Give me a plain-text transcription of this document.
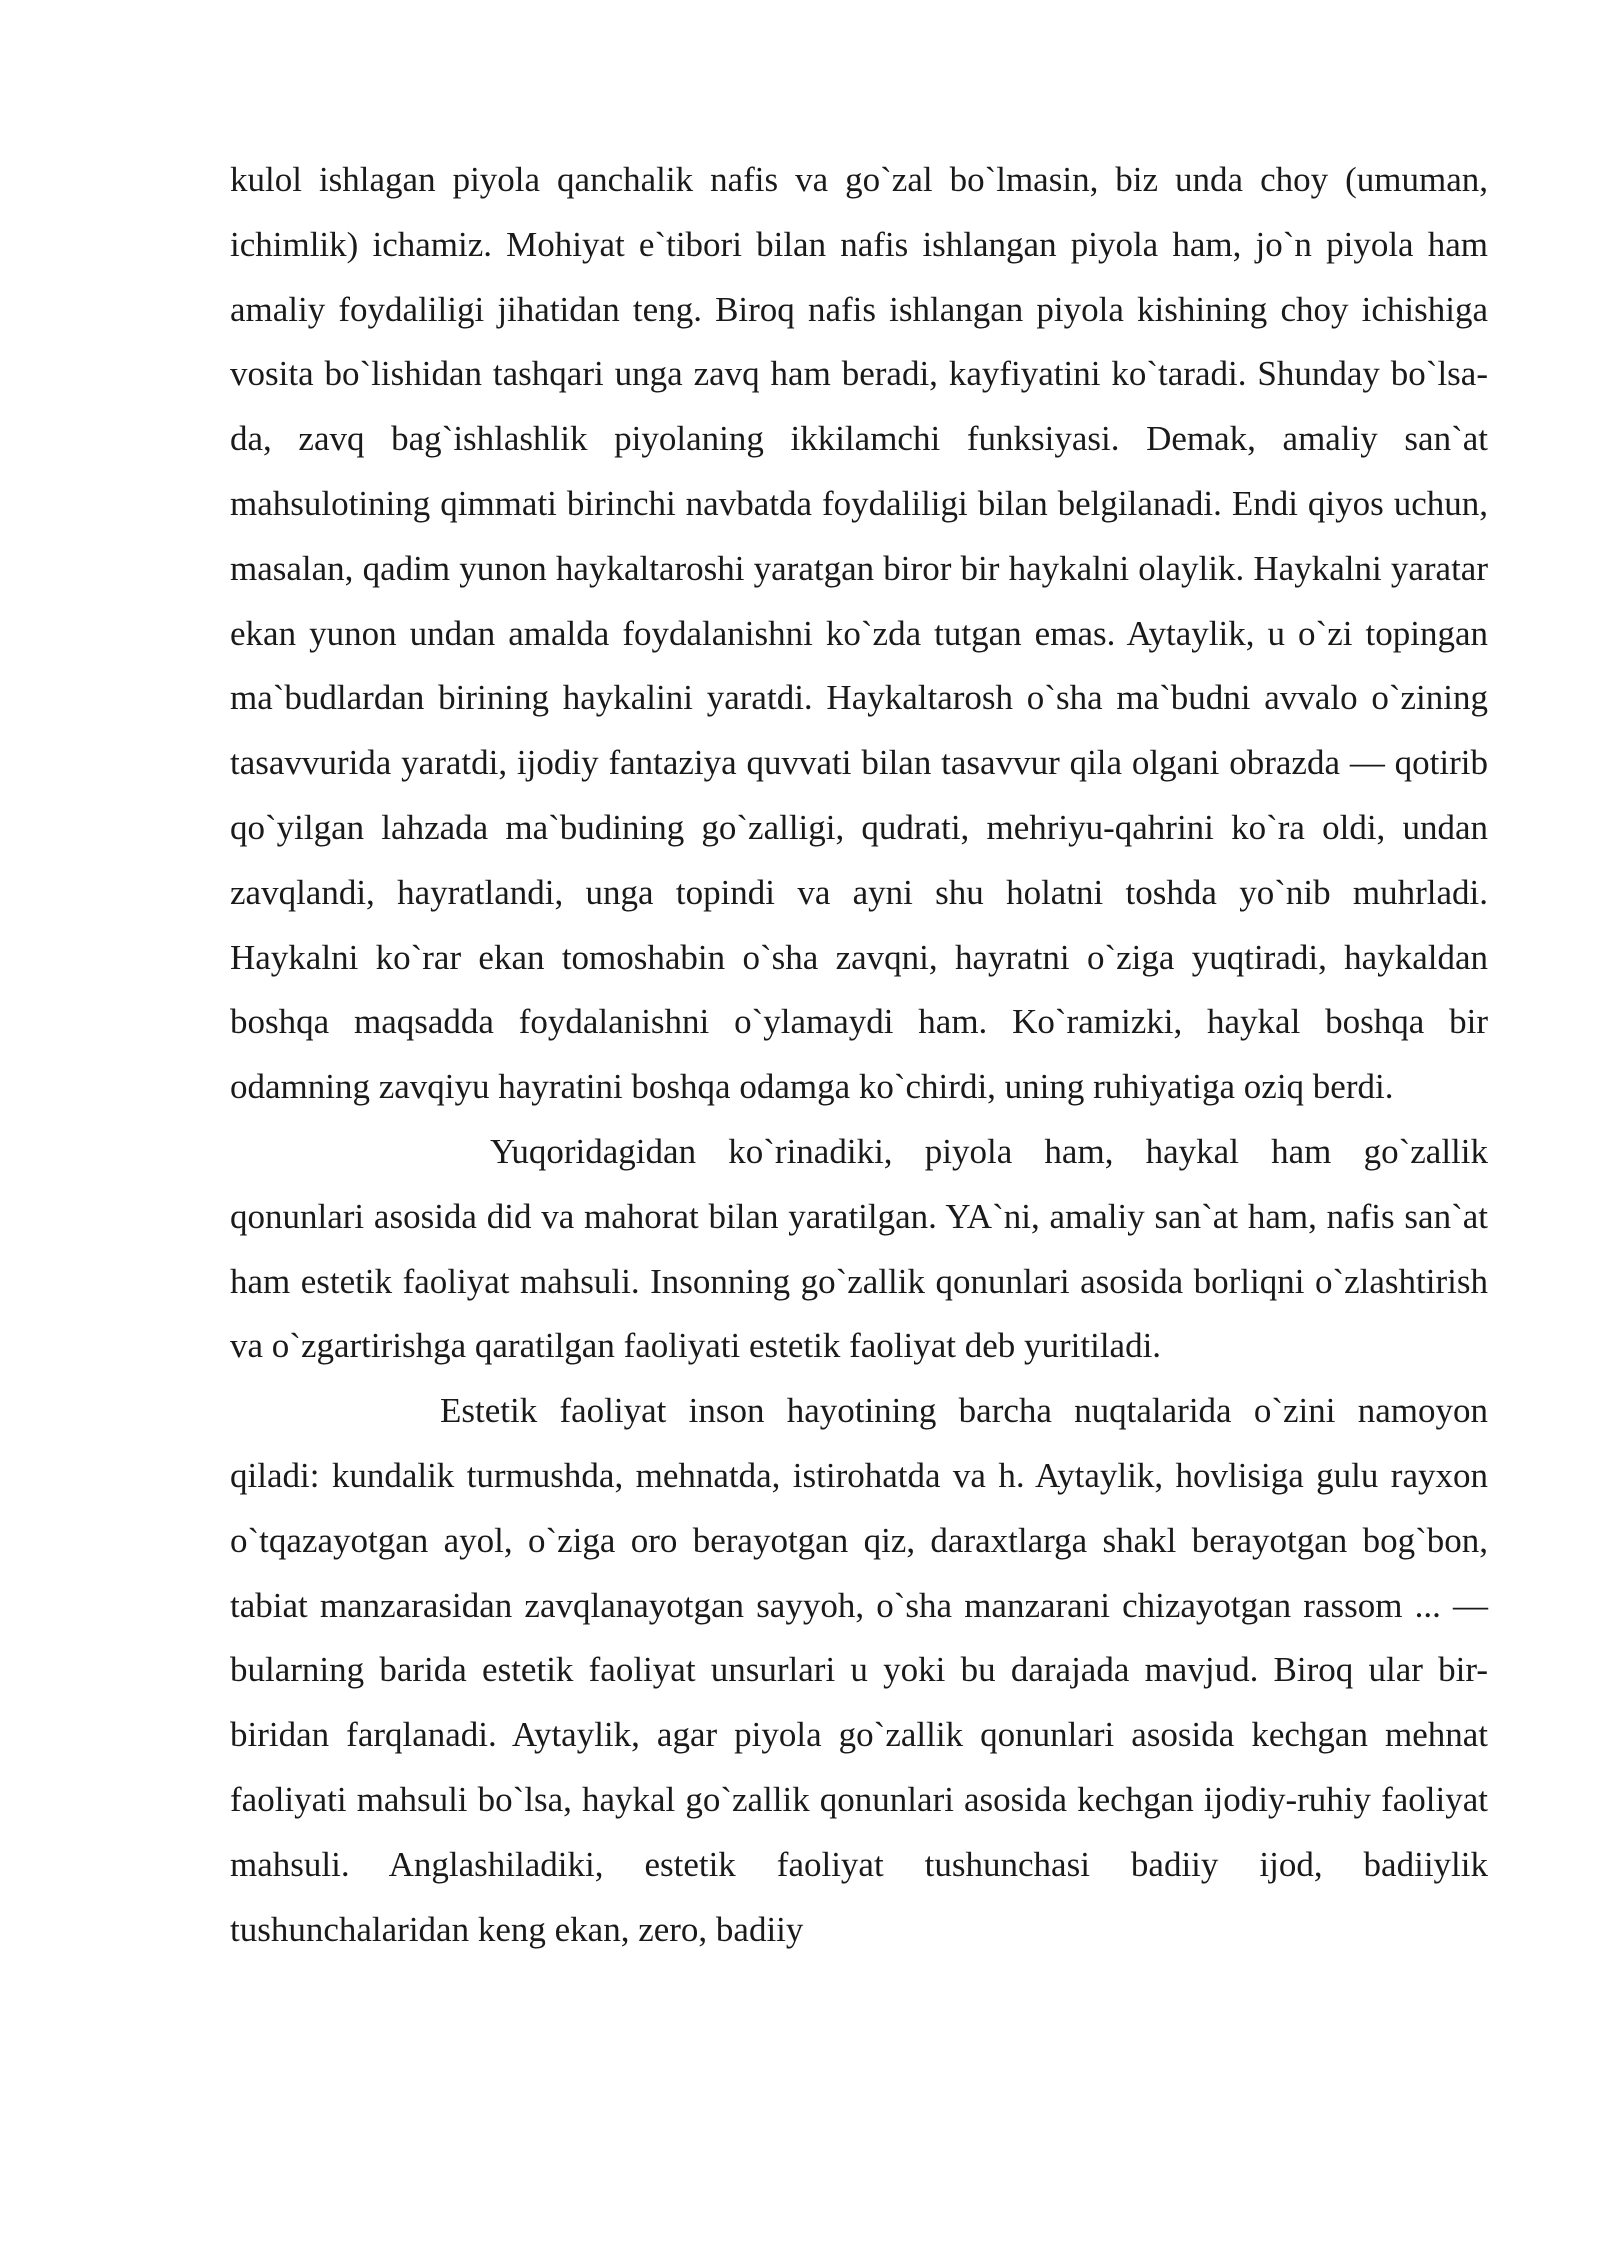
kulol ishlagan piyola qanchalik nafis va go`zal bo`lmasin, biz unda choy (umuman, ichimlik) ichamiz. Mohiyat e`tibori bilan nafis ishlangan piyola ham, jo`n piyola ham amaliy foydaliligi jihatidan teng. Biroq nafis ishlangan piyola kishining choy ichishiga vosita bo`lishidan tashqari unga zavq ham beradi, kayfiyatini ko`taradi. Shunday bo`lsa-da, zavq bag`ishlashlik piyolaning ikkilamchi funksiyasi. Demak, amaliy san`at mahsulotining qimmati birinchi navbatda foydaliligi bilan belgilanadi. Endi qiyos uchun, masalan, qadim yunon haykaltaroshi yaratgan biror bir haykalni olaylik. Haykalni yaratar ekan yunon undan amalda foydalanishni ko`zda tutgan emas. Aytaylik, u o`zi topingan ma`budlardan birining haykalini yaratdi. Haykaltarosh o`sha ma`budni avvalo o`zining tasavvurida yaratdi, ijodiy fantaziya quvvati bilan tasavvur qila olgani obrazda — qotirib qo`yilgan lahzada ma`budining go`zalligi, qudrati, mehriyu-qahrini ko`ra oldi, undan zavqlandi, hayratlandi, unga topindi va ayni shu holatni toshda yo`nib muhrladi. Haykalni ko`rar ekan tomoshabin o`sha zavqni, hayratni o`ziga yuqtiradi, haykaldan boshqa maqsadda foydalanishni o`ylamaydi ham. Ko`ramizki, haykal boshqa bir odamning zavqiyu hayratini boshqa odamga ko`chirdi, uning ruhiyatiga oziq berdi.

Yuqoridagidan ko`rinadiki, piyola ham, haykal ham go`zallik qonunlari asosida did va mahorat bilan yaratilgan. YA`ni, amaliy san`at ham, nafis san`at ham estetik faoliyat mahsuli. Insonning go`zallik qonunlari asosida borliqni o`zlashtirish va o`zgartirishga qaratilgan faoliyati estetik faoliyat deb yuritiladi.

Estetik faoliyat inson hayotining barcha nuqtalarida o`zini namoyon qiladi: kundalik turmushda, mehnatda, istirohatda va h. Aytaylik, hovlisiga gulu rayxon o`tqazayotgan ayol, o`ziga oro berayotgan qiz, daraxtlarga shakl berayotgan bog`bon, tabiat manzarasidan zavqlanayotgan sayyoh, o`sha manzarani chizayotgan rassom ... — bularning barida estetik faoliyat unsurlari u yoki bu darajada mavjud. Biroq ular bir-biridan farqlanadi. Aytaylik, agar piyola go`zallik qonunlari asosida kechgan mehnat faoliyati mahsuli bo`lsa, haykal go`zallik qonunlari asosida kechgan ijodiy-ruhiy faoliyat mahsuli. Anglashiladiki, estetik faoliyat tushunchasi badiiy ijod, badiiylik tushunchalaridan keng ekan, zero, badiiy
